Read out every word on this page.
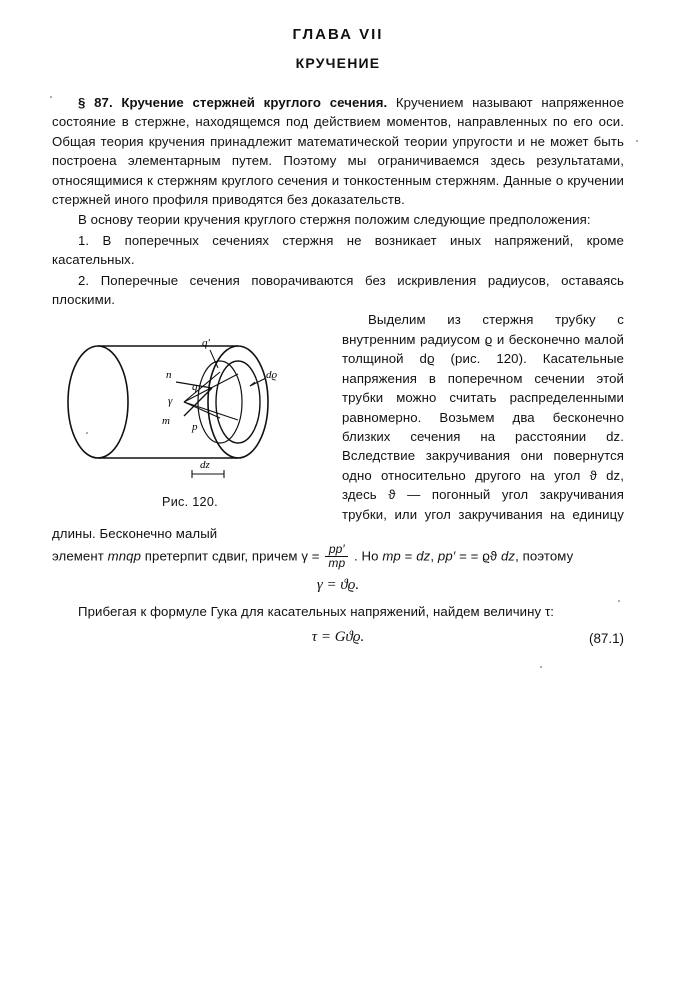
ГЛАВА VII
КРУЧЕНИЕ

§ 87. Кручение стержней круглого сечения. Кручением называют напряженное состояние в стержне, находящемся под действием моментов, направленных по его оси. Общая теория кручения принадлежит математической теории упругости и не может быть построена элементарным путем. Поэтому мы ограничиваемся здесь результатами, относящимися к стержням круглого сечения и тонкостенным стержням. Данные о кручении стержней иного профиля приводятся без доказательств.

В основу теории кручения круглого стержня положим следующие предположения:

1. В поперечных сечениях стержня не возникает иных напряжений, кроме касательных.

2. Поперечные сечения поворачиваются без искривления радиусов, оставаясь плоскими.

q′
n
q
m p
γ
dϱ
dz
Рис. 120.

Выделим из стержня трубку с внутренним радиусом ϱ и бесконечно малой толщиной dϱ (рис. 120). Касательные напряжения в поперечном сечении этой трубки можно считать распределенными равномерно. Возьмем два бесконечно близких сечения на расстоянии dz. Вследствие закручивания они повернутся одно относительно другого на угол ϑ dz, здесь ϑ — погонный угол закручивания трубки, или угол закручивания на единицу длины. Бесконечно малый

элемент mnqp претерпит сдвиг, причем $\gamma = \frac{pp'}{mp}$ . Но mp = dz, pp′ = = ϱϑ dz, поэтому

γ = ϑϱ.

Прибегая к формуле Гука для касательных напряжений, найдем величину τ:

τ = Gϑϱ.	(87.1)
